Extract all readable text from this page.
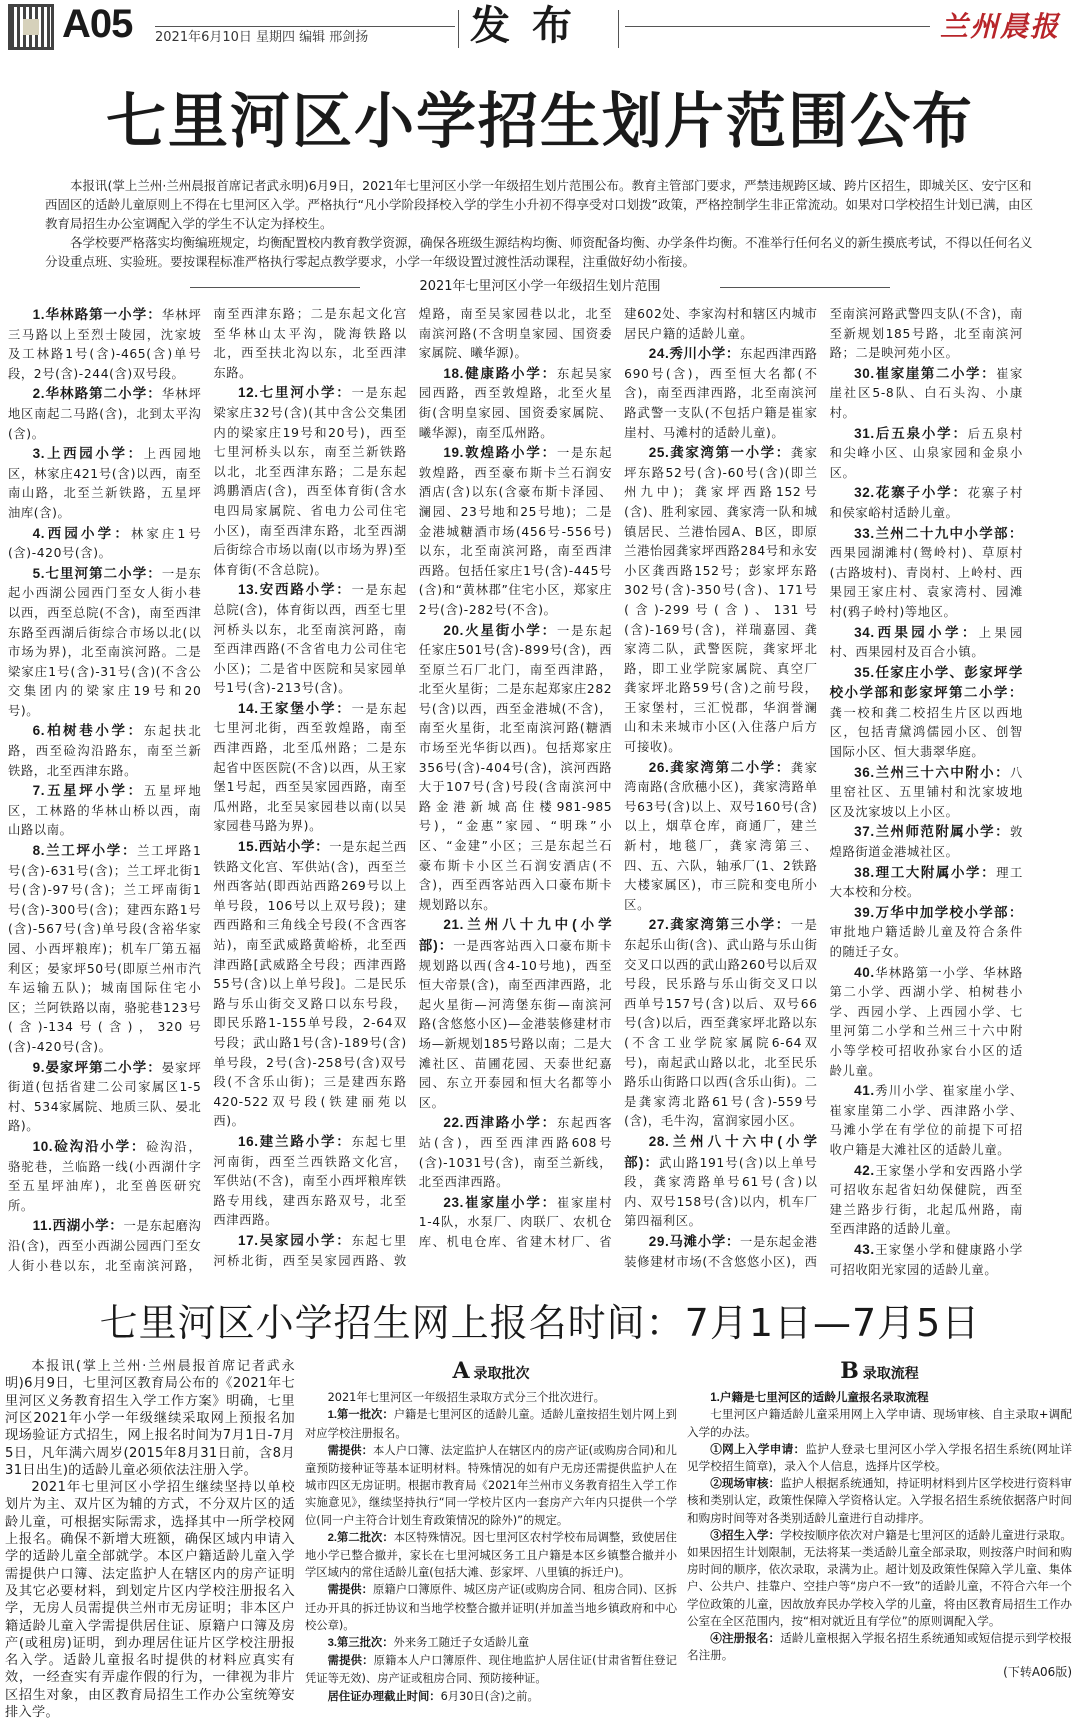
A05 2021年6月10日 星期四 编辑 邢剑扬	发布	兰州晨报
七里河区小学招生划片范围公布

本报讯(掌上兰州·兰州晨报首席记者武永明)6月9日，2021年七里河区小学一年级招生划片范围公布。教育主管部门要求，严禁违规跨区域、跨片区招生，即城关区、安宁区和西固区的适龄儿童原则上不得在七里河区入学。严格执行“凡小学阶段择校入学的学生小升初不得享受对口划拨”政策，严格控制学生非正常流动。如果对口学校招生计划已满，由区教育局招生办公室调配入学的学生不认定为择校生。

各学校要严格落实均衡编班规定，均衡配置校内教育教学资源，确保各班级生源结构均衡、师资配备均衡、办学条件均衡。不准举行任何名义的新生摸底考试，不得以任何名义分设重点班、实验班。要按课程标准严格执行零起点教学要求，小学一年级设置过渡性活动课程，注重做好幼小衔接。

2021年七里河区小学一年级招生划片范围

1.华林路第一小学：华林坪三马路以上至烈士陵园，沈家坡及工林路1号(含)-465(含)单号段，2号(含)-244(含)双号段。

2.华林路第二小学：华林坪地区南起二马路(含)，北到太平沟(含)。

3.上西园小学：上西园地区，林家庄421号(含)以西，南至南山路，北至兰新铁路，五星坪油库(含)。

4.西园小学：林家庄1号(含)-420号(含)。

5.七里河第二小学：一是东起小西湖公园西门至女人街小巷以西，西至总院(不含)，南至西津东路至西湖后街综合市场以北(以市场为界)，北至南滨河路。二是梁家庄1号(含)-31号(含)(不含公交集团内的梁家庄19号和20号)。

6.柏树巷小学：东起扶北路，西至硷沟沿路东，南至兰新铁路，北至西津东路。

7.五星坪小学：五星坪地区，工林路的华林山桥以西，南山路以南。

8.兰工坪小学：兰工坪路1号(含)-631号(含)；兰工坪北街1号(含)-97号(含)；兰工坪南街1号(含)-300号(含)；建西东路1号(含)-567号(含)单号段(含裕华家园、小西坪粮库)；机车厂第五福利区；晏家坪50号(即原兰州市汽车运输五队)；城南国际住宅小区；兰阿铁路以南，骆驼巷123号(含)-134号(含)，320号(含)-420号(含)。

9.晏家坪第二小学：晏家坪街道(包括省建二公司家属区1-5村、534家属院、地质三队、晏北路)。

10.硷沟沿小学：硷沟沿，骆驼巷，兰临路一线(小西湖什字至五星坪油库)，北至兽医研究所。

11.西湖小学：一是东起磨沟沿(含)，西至小西湖公园西门至女人街小巷以东，北至南滨河路，南至西津东路；二是东起文化宫至华林山太平沟，陇海铁路以北，西至扶北沟以东，北至西津东路。

12.七里河小学：一是东起梁家庄32号(含)(其中含公交集团内的梁家庄19号和20号)，西至七里河桥头以东，南至兰新铁路以北，北至西津东路；二是东起鸿鹏酒店(含)，西至体育街(含水电四局家属院、省电力公司住宅小区)，南至西津东路，北至西湖后街综合市场以南(以市场为界)至体育街(不含总院)。

13.安西路小学：一是东起总院(含)，体育街以西，西至七里河桥头以东，北至南滨河路，南至西津西路(不含省电力公司住宅小区)；二是省中医院和吴家园单号1号(含)-213号(含)。

14.王家堡小学：一是东起七里河北街，西至敦煌路，南至西津西路，北至瓜州路；二是东起省中医医院(不含)以西，从王家堡1号起，西至吴家园西路，南至瓜州路，北至吴家园巷以南(以吴家园巷马路为界)。

15.西站小学：一是东起兰西铁路文化宫、军供站(含)，西至兰州西客站(即西站西路269号以上单号段，106号以上双号段)；建西西路和三角线全号段(不含西客站)，南至武威路黄峪桥，北至西津西路[武威路全号段；西津西路55号(含)以上单号段]。二是民乐路与乐山街交叉路口以东号段，即民乐路1-155单号段，2-64双号段；武山路1号(含)-189号(含)单号段，2号(含)-258号(含)双号段(不含乐山街)；三是建西东路420-522双号段(铁建丽苑以西)。

16.建兰路小学：东起七里河南街，西至兰西铁路文化宫，军供站(不含)，南至小西坪粮库铁路专用线，建西东路双号，北至西津西路。

17.吴家园小学：东起七里河桥北街，西至吴家园西路、敦煌路，南至吴家园巷以北，北至南滨河路(不含明皇家园、国资委家属院、曦华源)。

18.健康路小学：东起吴家园西路，西至敦煌路，北至火星街(含明皇家园、国资委家属院、曦华源)，南至瓜州路。

19.敦煌路小学：一是东起敦煌路，西至豪布斯卡兰石润安酒店(含)以东(含豪布斯卡泽园、澜园、23号地和25号地)；二是金港城糖酒市场(456号-556号)以东，北至南滨河路，南至西津西路。包括任家庄1号(含)-445号(含)和“黄林郡”住宅小区，郑家庄2号(含)-282号(不含)。

20.火星街小学：一是东起任家庄501号(含)-899号(含)，西至原兰石厂北门，南至西津路，北至火星街；二是东起郑家庄282号(含)以西，西至金港城(不含)，南至火星街，北至南滨河路(糖酒市场至光华街以西)。包括郑家庄356号(含)-404号(含)，滨河西路大于107号(含)号段(含南滨河中路金港新城高住楼981-985号)，“金惠”家园、“明珠”小区、“金建”小区；三是东起兰石豪布斯卡小区兰石润安酒店(不含)，西至西客站西入口豪布斯卡规划路以东。

21.兰州八十九中(小学部)：一是西客站西入口豪布斯卡规划路以西(含4-10号地)，西至恒大帝景(含)，南至西津西路，北起火星街—河湾堡东街—南滨河路(含悠悠小区)—金港装修建材市场—新规划185号路以南；二是大滩社区、苗圃花园、天泰世纪嘉园、东立开泰园和恒大名都等小区。

22.西津路小学：东起西客站(含)，西至西津西路608号(含)-1031号(含)，南至兰新线，北至西津西路。

23.崔家崖小学：崔家崖村1-4队，水泵厂、肉联厂、农机仓库、机电仓库、省建木材厂、省建602处、李家沟村和辖区内城市居民户籍的适龄儿童。

24.秀川小学：东起西津西路690号(含)，西至恒大名都(不含)，南至西津西路，北至南滨河路武警一支队(不包括户籍是崔家崖村、马滩村的适龄儿童)。

25.龚家湾第一小学：龚家坪东路52号(含)-60号(含)(即兰州九中)；龚家坪西路152号(含)、胜利家园、龚家湾一队和城镇居民、兰港怡园A、B区，即原兰港怡园龚家坪西路284号和永安小区龚西路152号；彭家坪东路302号(含)-350号(含)、171号(含)-299号(含)、131号(含)-169号(含)，祥瑞嘉园、龚家湾二队，武警医院，龚家坪北路，即工业学院家属院、真空厂龚家坪北路59号(含)之前号段，王家堡村，三汇悦郡，华润誉澜山和未来城市小区(入住落户后方可接收)。

26.龚家湾第二小学：龚家湾南路(含欣穗小区)，龚家湾路单号63号(含)以上、双号160号(含)以上，烟草仓库，商通厂，建兰新村，地毯厂，龚家湾第三、四、五、六队，轴承厂(1、2铁路大楼家属区)，市三院和变电所小区。

27.龚家湾第三小学：一是东起乐山街(含)、武山路与乐山街交叉口以西的武山路260号以后双号段，民乐路与乐山街交叉口以西单号157号(含)以后、双号66号(含)以后，西至龚家坪北路以东(不含工业学院家属院6-64双号)，南起武山路以北，北至民乐路乐山街路口以西(含乐山街)。二是龚家湾北路61号(含)-559号(含)，毛牛沟，富润家园小区。

28.兰州八十六中(小学部)：武山路191号(含)以上单号段，龚家湾路单号61号(含)以内、双号158号(含)以内，机车厂第四福利区。

29.马滩小学：一是东起金港装修建材市场(不含悠悠小区)，西至南滨河路武警四支队(不含)，南至新规划185号路，北至南滨河路；二是映河苑小区。

30.崔家崖第二小学：崔家崖社区5-8队、白石头沟、小康村。

31.后五泉小学：后五泉村和尖峰小区、山泉家园和金泉小区。

32.花寨子小学：花寨子村和侯家峪村适龄儿童。

33.兰州二十九中小学部：西果园湖滩村(鸳岭村)、草原村(古路坡村)、青岗村、上岭村、西果园王家庄村、袁家湾村、园滩村(鸦子岭村)等地区。

34.西果园小学：上果园村、西果园村及百合小镇。

35.任家庄小学、彭家坪学校小学部和彭家坪第二小学：龚一校和龚二校招生片区以西地区，包括青黛鸿儒园小区、创智国际小区、恒大翡翠华庭。

36.兰州三十六中附小：八里窑社区、五里铺村和沈家坡地区及沈家坡以上小区。

37.兰州师范附属小学：敦煌路街道金港城社区。

38.理工大附属小学：理工大本校和分校。

39.万华中加学校小学部：审批地户籍适龄儿童及符合条件的随迁子女。

40.华林路第一小学、华林路第二小学、西湖小学、柏树巷小学、西园小学、上西园小学、七里河第二小学和兰州三十六中附小等学校可招收孙家台小区的适龄儿童。

41.秀川小学、崔家崖小学、崔家崖第二小学、西津路小学、马滩小学在有学位的前提下可招收户籍是大滩社区的适龄儿童。

42.王家堡小学和安西路小学可招收东起省妇幼保健院，西至建兰路步行街，北起瓜州路，南至西津路的适龄儿童。

43.王家堡小学和健康路小学可招收阳光家园的适龄儿童。

七里河区小学招生网上报名时间：7月1日—7月5日

本报讯(掌上兰州·兰州晨报首席记者武永明)6月9日，七里河区教育局公布的《2021年七里河区义务教育招生入学工作方案》明确，七里河区2021年小学一年级继续采取网上预报名加现场验证方式招生，网上报名时间为7月1日-7月5日，凡年满六周岁(2015年8月31日前，含8月31日出生)的适龄儿童必须依法注册入学。

2021年七里河区小学招生继续坚持以单校划片为主、双片区为辅的方式，不分双片区的适龄儿童，可根据实际需求，选择其中一所学校网上报名。确保不新增大班额，确保区域内申请入学的适龄儿童全部就学。本区户籍适龄儿童入学需提供户口簿、法定监护人在辖区内的房产证明及其它必要材料，到划定片区内学校注册报名入学，无房人员需提供兰州市无房证明；非本区户籍适龄儿童入学需提供居住证、原籍户口簿及房产(或租房)证明，到办理居住证片区学校注册报名入学。适龄儿童报名时提供的材料应真实有效，一经查实有弄虚作假的行为，一律视为非片区招生对象，由区教育局招生工作办公室统筹安排入学。

A录取批次

2021年七里河区一年级招生录取方式分三个批次进行。

1.第一批次：户籍是七里河区的适龄儿童。适龄儿童按招生划片网上到对应学校注册报名。

需提供：本人户口簿、法定监护人在辖区内的房产证(或购房合同)和儿童预防接种证等基本证明材料。特殊情况的如有户无房还需提供监护人在城市四区无房证明。根据市教育局《2021年兰州市义务教育招生入学工作实施意见》，继续坚持执行“同一学校片区内一套房产六年内只提供一个学位(同一户主符合计划生育政策情况的除外)”的规定。

2.第二批次：本区特殊情况。因七里河区农村学校布局调整，致使居住地小学已整合撤并，家长在七里河城区务工且户籍是本区乡镇整合撤并小学区域内的常住适龄儿童(包括大滩、彭家坪、八里镇的拆迁户)。

需提供：原籍户口簿原件、城区房产证(或购房合同、租房合同)、区拆迁办开具的拆迁协议和当地学校整合撤并证明(并加盖当地乡镇政府和中心校公章)。

3.第三批次：外来务工随迁子女适龄儿童

需提供：原籍本人户口簿原件、现住地监护人居住证(甘肃省暂住登记凭证等无效)、房产证或租房合同、预防接种证。

居住证办理截止时间：6月30日(含)之前。

B录取流程

1.户籍是七里河区的适龄儿童报名录取流程

七里河区户籍适龄儿童采用网上入学申请、现场审核、自主录取+调配入学的办法。

①网上入学申请：监护人登录七里河区小学入学报名招生系统(网址详见学校招生简章)，录入个人信息，选择片区学校。

②现场审核：监护人根据系统通知，持证明材料到片区学校进行资料审核和类别认定，政策性保障入学资格认定。入学报名招生系统依据落户时间和购房时间等对各类别适龄儿童进行自动排序。

③招生入学：学校按顺序依次对户籍是七里河区的适龄儿童进行录取。如果因招生计划限制，无法将某一类适龄儿童全部录取，则按落户时间和购房时间的顺序，依次录取，录满为止。超计划及政策性保障入学儿童、集体户、公共户、挂靠户、空挂户等“房户不一致”的适龄儿童，不符合六年一个学位政策的儿童，因故放弃民办学校入学的儿童，将由区教育局招生工作办公室在全区范围内，按“相对就近且有学位”的原则调配入学。

④注册报名：适龄儿童根据入学报名招生系统通知或短信提示到学校报名注册。

(下转A06版)
